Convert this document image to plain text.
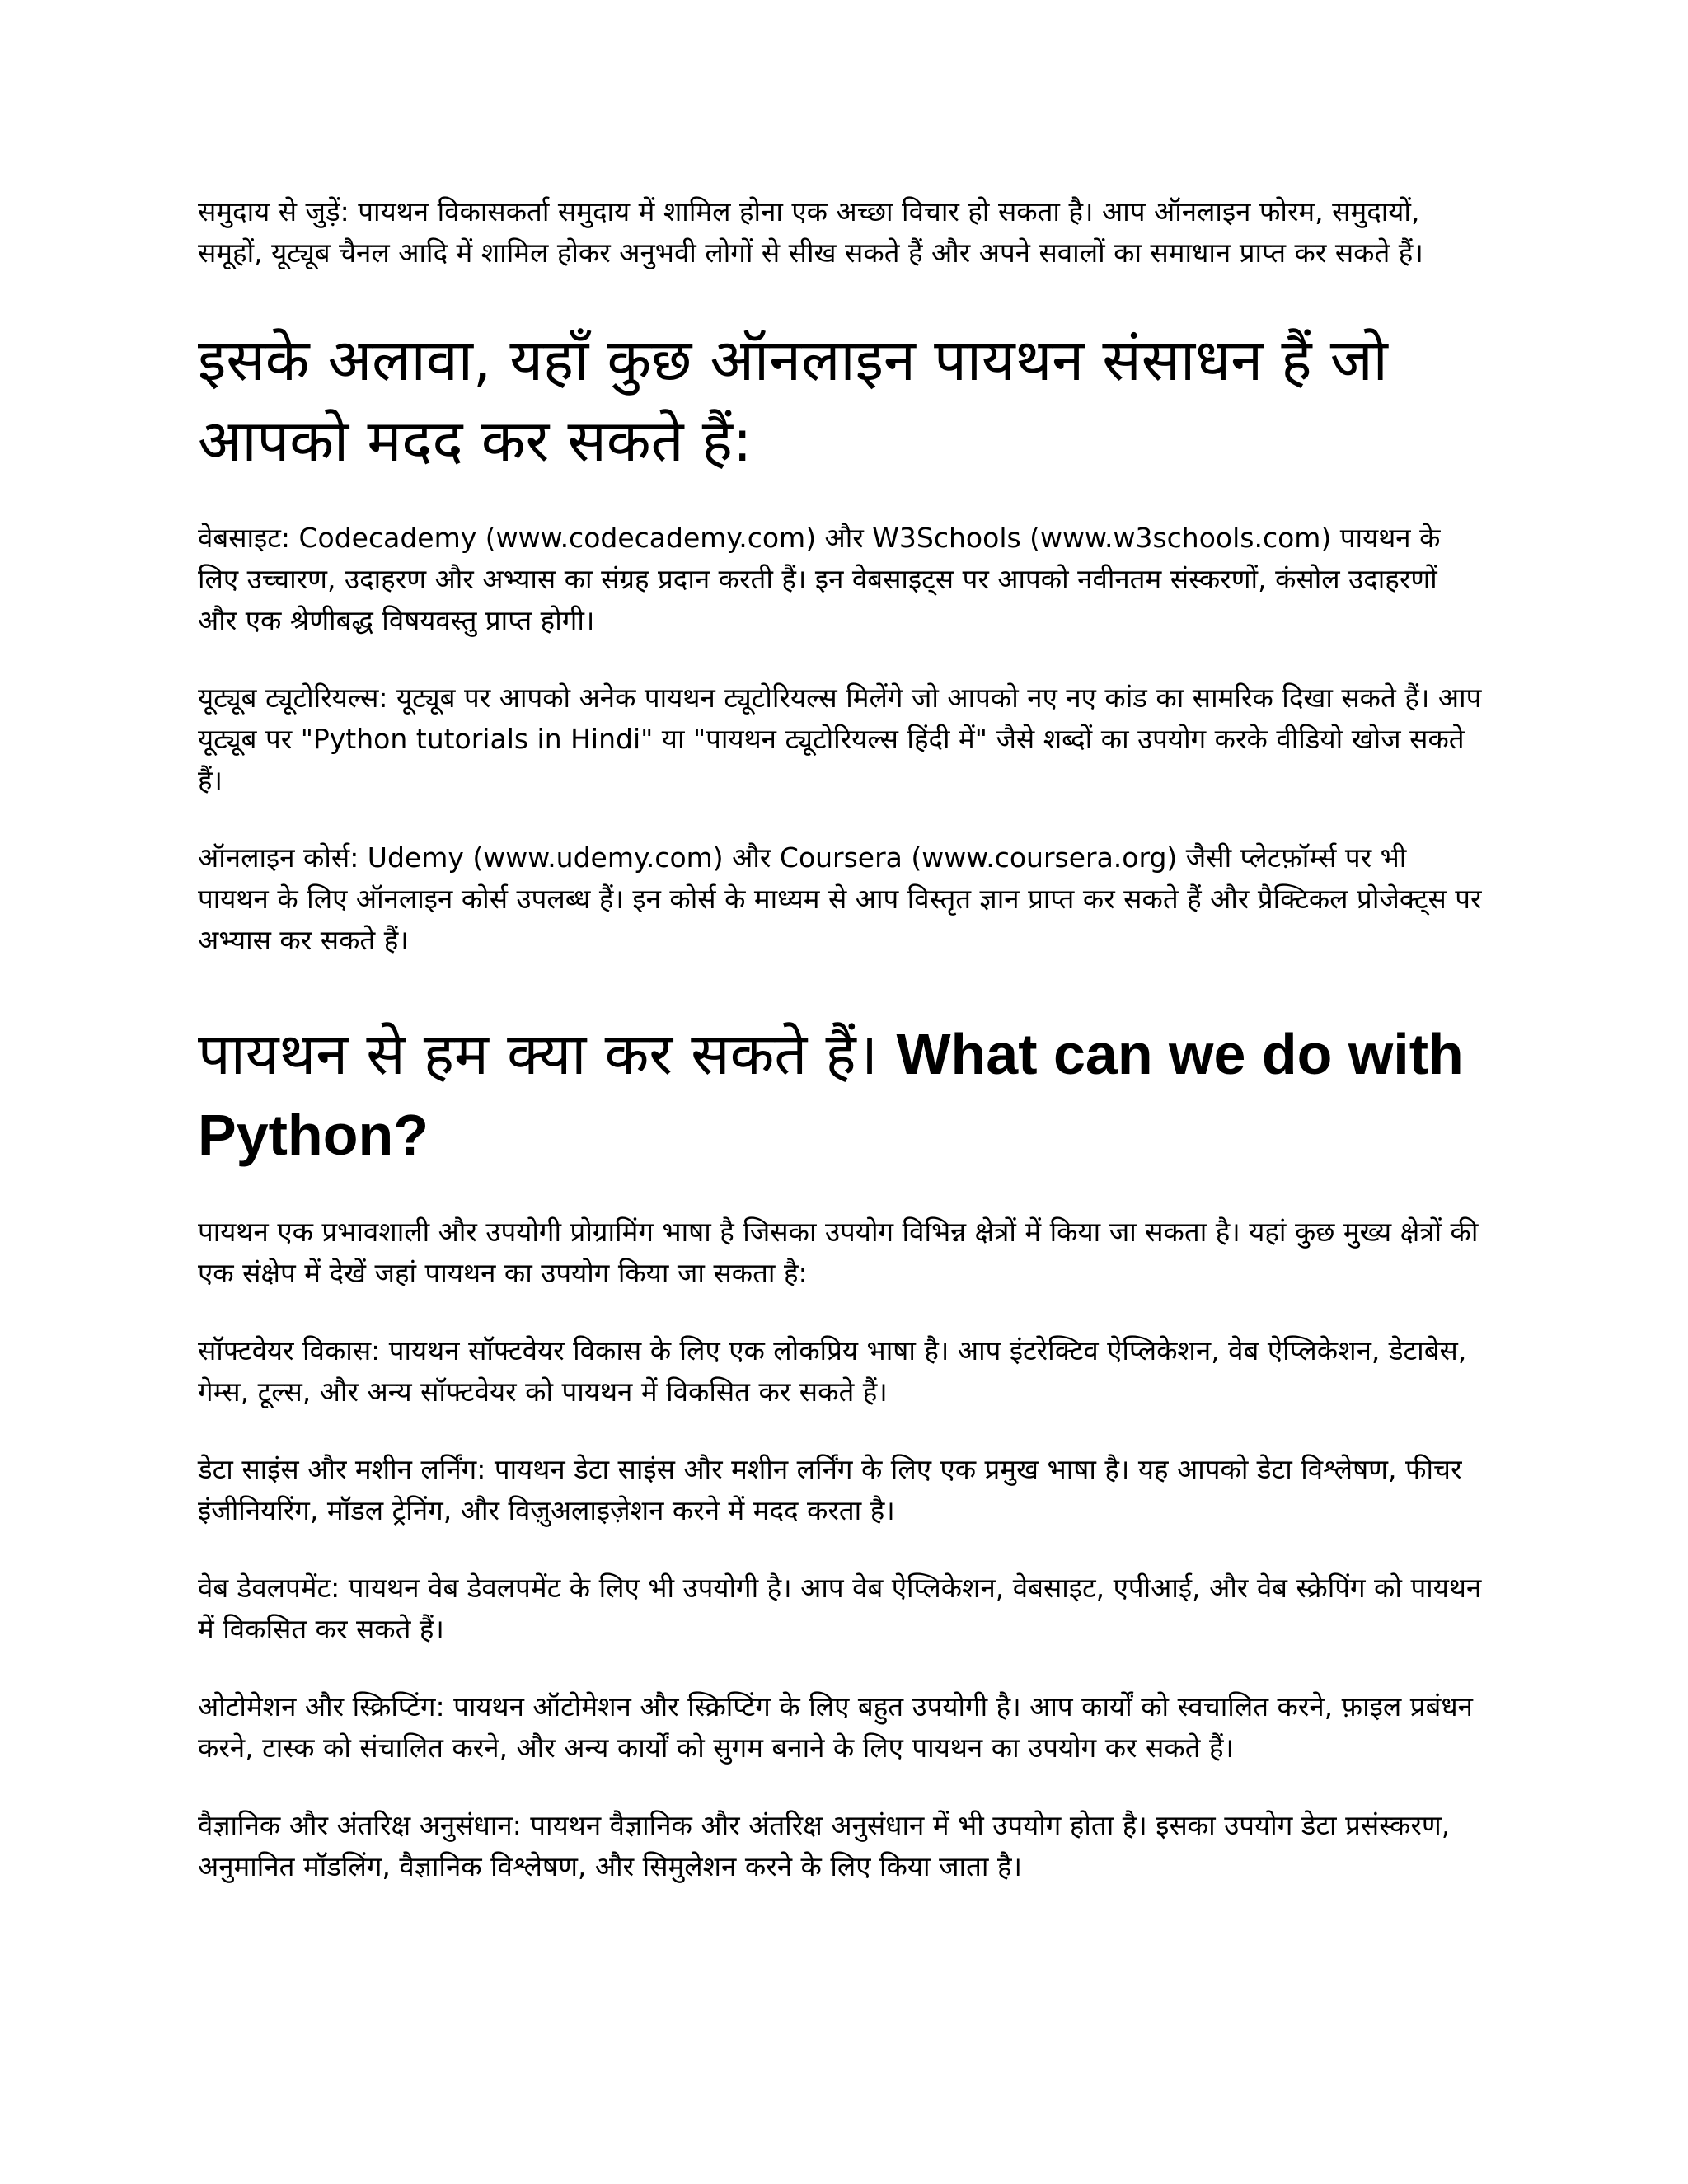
समुदाय से जुड़ें: पायथन विकासकर्ता समुदाय में शामिल होना एक अच्छा विचार हो सकता है। आप ऑनलाइन फोरम, समुदायों, समूहों, यूट्यूब चैनल आदि में शामिल होकर अनुभवी लोगों से सीख सकते हैं और अपने सवालों का समाधान प्राप्त कर सकते हैं।

इसके अलावा, यहाँ कुछ ऑनलाइन पायथन संसाधन हैं जो आपको मदद कर सकते हैं:

वेबसाइट: Codecademy (www.codecademy.com) और W3Schools (www.w3schools.com) पायथन के लिए उच्चारण, उदाहरण और अभ्यास का संग्रह प्रदान करती हैं। इन वेबसाइट्स पर आपको नवीनतम संस्करणों, कंसोल उदाहरणों और एक श्रेणीबद्ध विषयवस्तु प्राप्त होगी।

यूट्यूब ट्यूटोरियल्स: यूट्यूब पर आपको अनेक पायथन ट्यूटोरियल्स मिलेंगे जो आपको नए नए कांड का सामरिक दिखा सकते हैं। आप यूट्यूब पर "Python tutorials in Hindi" या "पायथन ट्यूटोरियल्स हिंदी में" जैसे शब्दों का उपयोग करके वीडियो खोज सकते हैं।

ऑनलाइन कोर्स: Udemy (www.udemy.com) और Coursera (www.coursera.org) जैसी प्लेटफ़ॉर्म्स पर भी पायथन के लिए ऑनलाइन कोर्स उपलब्ध हैं। इन कोर्स के माध्यम से आप विस्तृत ज्ञान प्राप्त कर सकते हैं और प्रैक्टिकल प्रोजेक्ट्स पर अभ्यास कर सकते हैं।

पायथन से हम क्या कर सकते हैं। What can we do with Python?

पायथन एक प्रभावशाली और उपयोगी प्रोग्रामिंग भाषा है जिसका उपयोग विभिन्न क्षेत्रों में किया जा सकता है। यहां कुछ मुख्य क्षेत्रों की एक संक्षेप में देखें जहां पायथन का उपयोग किया जा सकता है:

सॉफ्टवेयर विकास: पायथन सॉफ्टवेयर विकास के लिए एक लोकप्रिय भाषा है। आप इंटरेक्टिव ऐप्लिकेशन, वेब ऐप्लिकेशन, डेटाबेस, गेम्स, टूल्स, और अन्य सॉफ्टवेयर को पायथन में विकसित कर सकते हैं।

डेटा साइंस और मशीन लर्निंग: पायथन डेटा साइंस और मशीन लर्निंग के लिए एक प्रमुख भाषा है। यह आपको डेटा विश्लेषण, फीचर इंजीनियरिंग, मॉडल ट्रेनिंग, और विज़ुअलाइज़ेशन करने में मदद करता है।

वेब डेवलपमेंट: पायथन वेब डेवलपमेंट के लिए भी उपयोगी है। आप वेब ऐप्लिकेशन, वेबसाइट, एपीआई, और वेब स्क्रेपिंग को पायथन में विकसित कर सकते हैं।

ओटोमेशन और स्क्रिप्टिंग: पायथन ऑटोमेशन और स्क्रिप्टिंग के लिए बहुत उपयोगी है। आप कार्यों को स्वचालित करने, फ़ाइल प्रबंधन करने, टास्क को संचालित करने, और अन्य कार्यों को सुगम बनाने के लिए पायथन का उपयोग कर सकते हैं।

वैज्ञानिक और अंतरिक्ष अनुसंधान: पायथन वैज्ञानिक और अंतरिक्ष अनुसंधान में भी उपयोग होता है। इसका उपयोग डेटा प्रसंस्करण, अनुमानित मॉडलिंग, वैज्ञानिक विश्लेषण, और सिमुलेशन करने के लिए किया जाता है।
